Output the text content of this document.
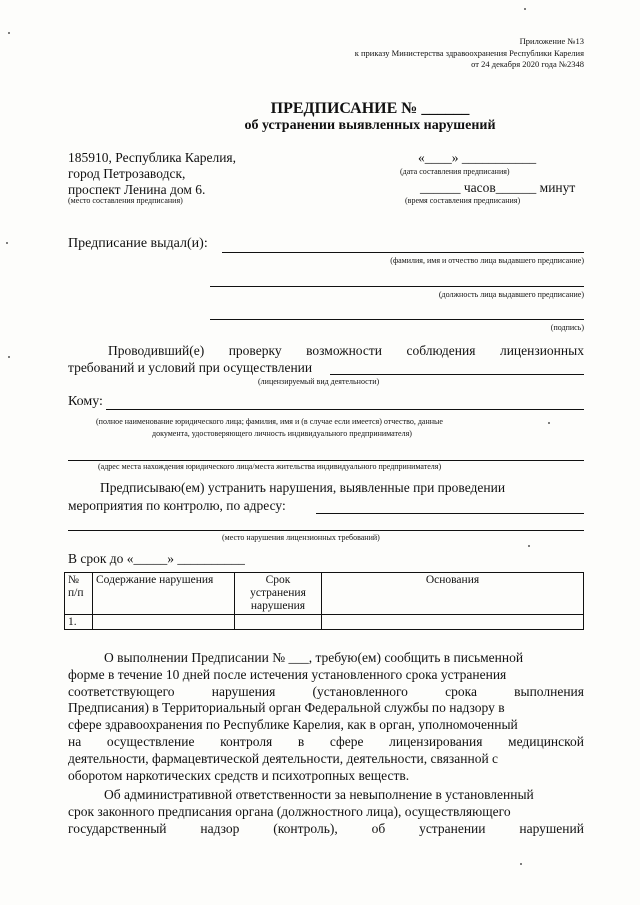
Приложение №13
к приказу Министерства здравоохранения Республики Карелия
от 24 декабря 2020 года №2348
ПРЕДПИСАНИЕ № ______
об устранении выявленных нарушений
185910, Республика Карелия,
город Петрозаводск,
проспект Ленина дом 6.
(место составления предписания)
«____» ___________
(дата составления предписания)
______ часов______ минут
(время составления предписания)
Предписание выдал(и):
(фамилия, имя и отчество лица выдавшего предписание)
(должность лица выдавшего предписание)
(подпись)
Проводивший(е) проверку возможности соблюдения лицензионных
требований и условий при осуществлении
(лицензируемый вид деятельности)
Кому:
(полное наименование юридического лица; фамилия, имя и (в случае если имеется) отчество, данные
документа, удостоверяющего личность индивидуального предпринимателя)
(адрес места нахождения юридического лица/места жительства индивидуального предпринимателя)
Предписываю(ем) устранить нарушения, выявленные при проведении
мероприятия по контролю, по адресу:
(место нарушения лицензионных требований)
В срок до «_____» __________
№ п/п	Содержание нарушения	Срок устранения нарушения	Основания
1.			
О выполнении Предписании № ___, требую(ем) сообщить в письменной
форме в течение 10 дней после истечения установленного срока устранения
соответствующего	нарушения	(установленного	срока	выполнения
Предписания) в Территориальный орган Федеральной службы по надзору в
сфере здравоохранения по Республике Карелия, как в орган, уполномоченный
на осуществление контроля в сфере лицензирования медицинской
деятельности, фармацевтической деятельности, деятельности, связанной с
оборотом наркотических средств и психотропных веществ.
Об административной ответственности за невыполнение в установленный
срок законного предписания органа (должностного лица), осуществляющего
государственный	надзор	(контроль),	об	устранении	нарушений
